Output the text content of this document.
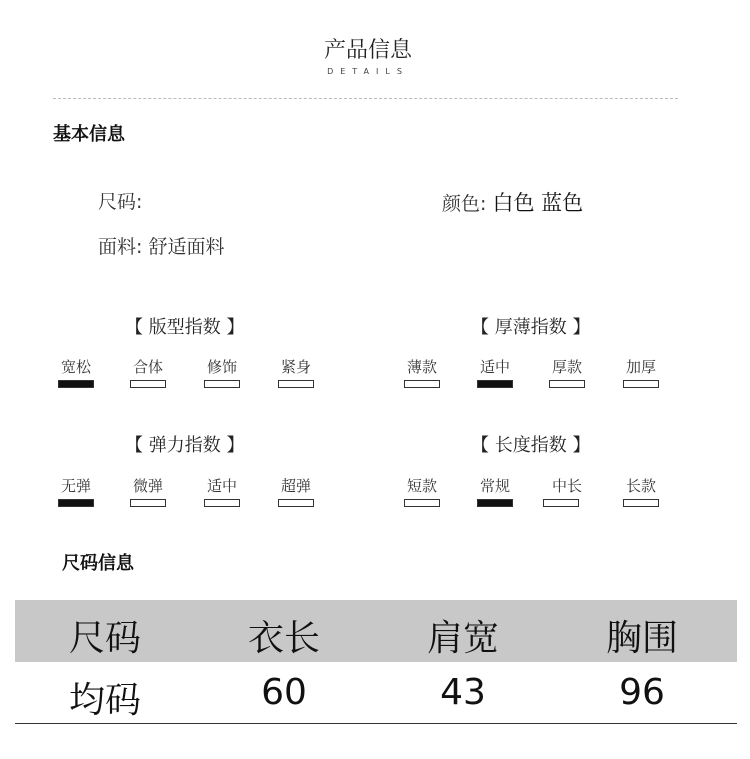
产品信息
DETAILS
基本信息
尺码:	颜色: 白色 蓝色
面料: 舒适面料
【 版型指数 】
宽松	合体	修饰	紧身
【 厚薄指数 】
薄款	适中	厚款	加厚
【 弹力指数 】
无弹	微弹	适中	超弹
【 长度指数 】
短款	常规	中长	长款
尺码信息
尺码	衣长	肩宽	胸围
均码	60	43	96
